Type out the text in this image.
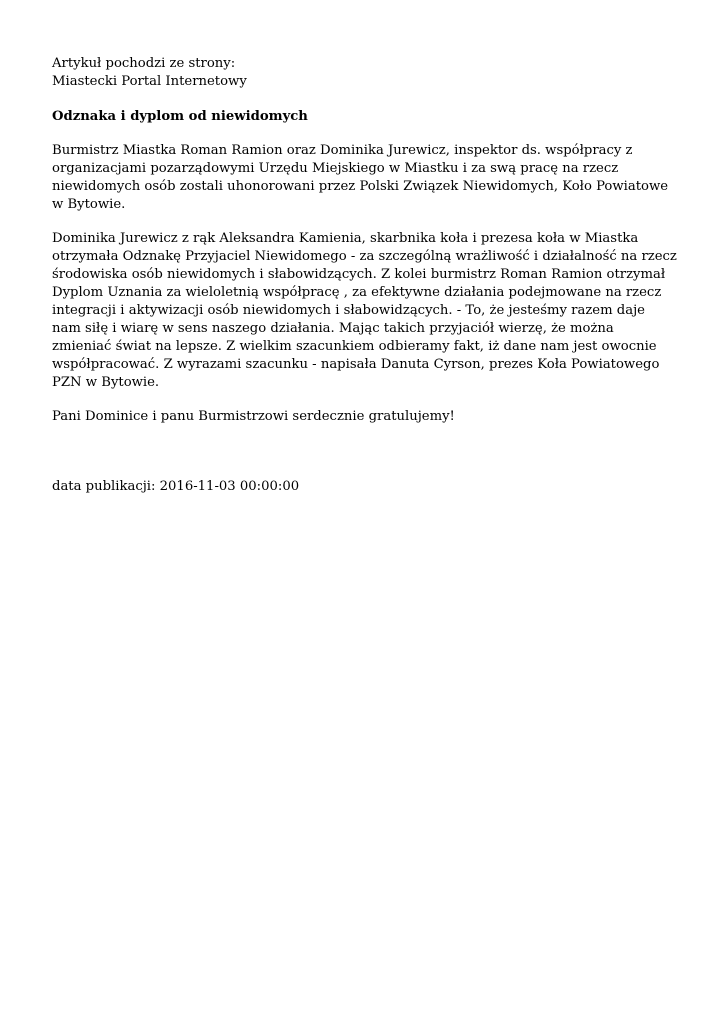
Artykuł pochodzi ze strony:

Miastecki Portal Internetowy

Odznaka i dyplom od niewidomych

Burmistrz Miastka Roman Ramion oraz Dominika Jurewicz, inspektor ds. współpracy z organizacjami pozarządowymi Urzędu Miejskiego w Miastku i za swą pracę na rzecz niewidomych osób zostali uhonorowani przez Polski Związek Niewidomych, Koło Powiatowe w Bytowie.

Dominika Jurewicz z rąk Aleksandra Kamienia, skarbnika koła i prezesa koła w Miastka otrzymała Odznakę Przyjaciel Niewidomego - za szczególną wrażliwość i działalność na rzecz środowiska osób niewidomych i słabowidzących. Z kolei burmistrz Roman Ramion otrzymał Dyplom Uznania za wieloletnią współpracę , za efektywne działania podejmowane na rzecz integracji i aktywizacji osób niewidomych i słabowidzących. - To, że jesteśmy razem daje nam siłę i wiarę w sens naszego działania. Mając takich przyjaciół wierzę, że można zmieniać świat na lepsze. Z wielkim szacunkiem odbieramy fakt, iż dane nam jest owocnie współpracować. Z wyrazami szacunku - napisała Danuta Cyrson, prezes Koła Powiatowego PZN w Bytowie.

Pani Dominice i panu Burmistrzowi serdecznie gratulujemy!

data publikacji: 2016-11-03 00:00:00
